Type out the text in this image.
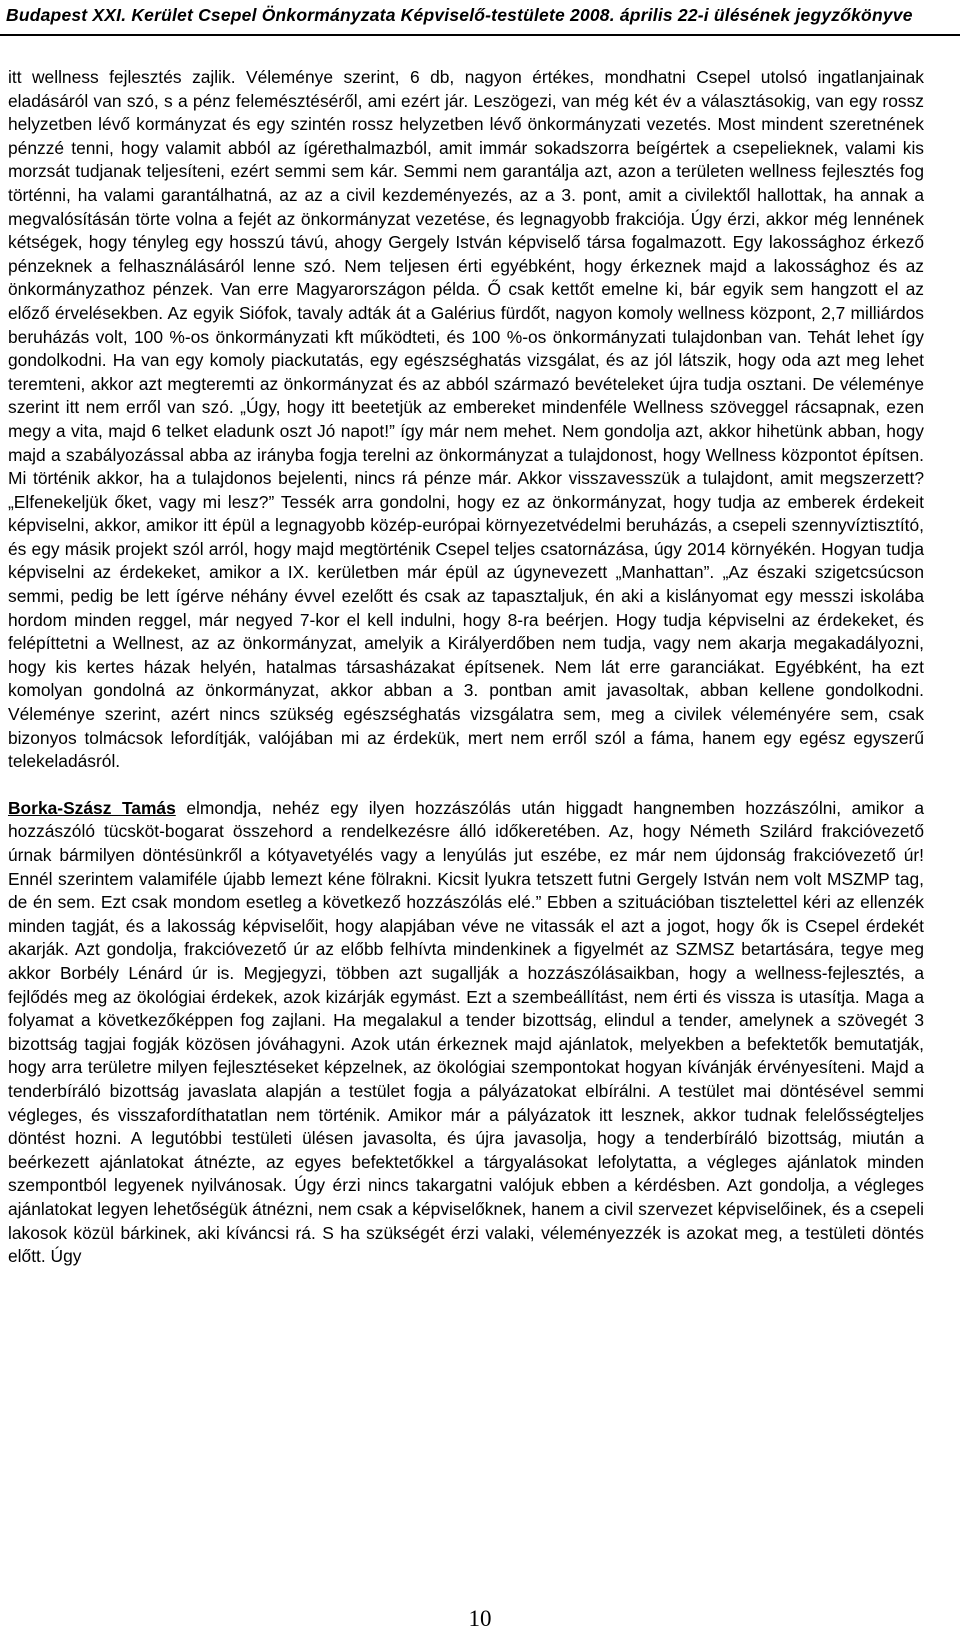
Budapest XXI. Kerület Csepel Önkormányzata Képviselő-testülete 2008. április 22-i ülésének jegyzőkönyve

itt wellness fejlesztés zajlik. Véleménye szerint, 6 db, nagyon értékes, mondhatni Csepel utolsó ingatlanjainak eladásáról van szó, s a pénz felemésztéséről, ami ezért jár. Leszögezi, van még két év a választásokig, van egy rossz helyzetben lévő kormányzat és egy szintén rossz helyzetben lévő önkormányzati vezetés. Most mindent szeretnének pénzzé tenni, hogy valamit abból az ígérethalmazból, amit immár sokadszorra beígértek a csepelieknek, valami kis morzsát tudjanak teljesíteni, ezért semmi sem kár. Semmi nem garantálja azt, azon a területen wellness fejlesztés fog történni, ha valami garantálhatná, az az a civil kezdeményezés, az a 3. pont, amit a civilektől hallottak, ha annak a megvalósításán törte volna a fejét az önkormányzat vezetése, és legnagyobb frakciója. Úgy érzi, akkor még lennének kétségek, hogy tényleg egy hosszú távú, ahogy Gergely István képviselő társa fogalmazott. Egy lakossághoz érkező pénzeknek a felhasználásáról lenne szó. Nem teljesen érti egyébként, hogy érkeznek majd a lakossághoz és az önkormányzathoz pénzek. Van erre Magyarországon példa. Ő csak kettőt emelne ki, bár egyik sem hangzott el az előző érvelésekben. Az egyik Siófok, tavaly adták át a Galérius fürdőt, nagyon komoly wellness központ, 2,7 milliárdos beruházás volt, 100 %-os önkormányzati kft működteti, és 100 %-os önkormányzati tulajdonban van. Tehát lehet így gondolkodni. Ha van egy komoly piackutatás, egy egészséghatás vizsgálat, és az jól látszik, hogy oda azt meg lehet teremteni, akkor azt megteremti az önkormányzat és az abból származó bevételeket újra tudja osztani. De véleménye szerint itt nem erről van szó. „Úgy, hogy itt beetetjük az embereket mindenféle Wellness szöveggel rácsapnak, ezen megy a vita, majd 6 telket eladunk oszt Jó napot!” így már nem mehet. Nem gondolja azt, akkor hihetünk abban, hogy majd a szabályozással abba az irányba fogja terelni az önkormányzat a tulajdonost, hogy Wellness központot építsen. Mi történik akkor, ha a tulajdonos bejelenti, nincs rá pénze már. Akkor visszavesszük a tulajdont, amit megszerzett? „Elfenekeljük őket, vagy mi lesz?” Tessék arra gondolni, hogy ez az önkormányzat, hogy tudja az emberek érdekeit képviselni, akkor, amikor itt épül a legnagyobb közép-európai környezetvédelmi beruházás, a csepeli szennyvíztisztító, és egy másik projekt szól arról, hogy majd megtörténik Csepel teljes csatornázása, úgy 2014 környékén. Hogyan tudja képviselni az érdekeket, amikor a IX. kerületben már épül az úgynevezett „Manhattan”. „Az északi szigetcsúcson semmi, pedig be lett ígérve néhány évvel ezelőtt és csak az tapasztaljuk, én aki a kislányomat egy messzi iskolába hordom minden reggel, már negyed 7-kor el kell indulni, hogy 8-ra beérjen. Hogy tudja képviselni az érdekeket, és felépíttetni a Wellnest, az az önkormányzat, amelyik a Királyerdőben nem tudja, vagy nem akarja megakadályozni, hogy kis kertes házak helyén, hatalmas társasházakat építsenek. Nem lát erre garanciákat. Egyébként, ha ezt komolyan gondolná az önkormányzat, akkor abban a 3. pontban amit javasoltak, abban kellene gondolkodni. Véleménye szerint, azért nincs szükség egészséghatás vizsgálatra sem, meg a civilek véleményére sem, csak bizonyos tolmácsok lefordítják, valójában mi az érdekük, mert nem erről szól a fáma, hanem egy egész egyszerű telekeladásról.

Borka-Szász Tamás elmondja, nehéz egy ilyen hozzászólás után higgadt hangnemben hozzászólni, amikor a hozzászóló tücsköt-bogarat összehord a rendelkezésre álló időkeretében. Az, hogy Németh Szilárd frakcióvezető úrnak bármilyen döntésünkről a kótyavetyélés vagy a lenyúlás jut eszébe, ez már nem újdonság frakcióvezető úr! Ennél szerintem valamiféle újabb lemezt kéne fölrakni. Kicsit lyukra tetszett futni Gergely István nem volt MSZMP tag, de én sem. Ezt csak mondom esetleg a következő hozzászólás elé.” Ebben a szituációban tisztelettel kéri az ellenzék minden tagját, és a lakosság képviselőit, hogy alapjában véve ne vitassák el azt a jogot, hogy ők is Csepel érdekét akarják. Azt gondolja, frakcióvezető úr az előbb felhívta mindenkinek a figyelmét az SZMSZ betartására, tegye meg akkor Borbély Lénárd úr is. Megjegyzi, többen azt sugallják a hozzászólásaikban, hogy a wellness-fejlesztés, a fejlődés meg az ökológiai érdekek, azok kizárják egymást. Ezt a szembeállítást, nem érti és vissza is utasítja. Maga a folyamat a következőképpen fog zajlani. Ha megalakul a tender bizottság, elindul a tender, amelynek a szövegét 3 bizottság tagjai fogják közösen jóváhagyni. Azok után érkeznek majd ajánlatok, melyekben a befektetők bemutatják, hogy arra területre milyen fejlesztéseket képzelnek, az ökológiai szempontokat hogyan kívánják érvényesíteni. Majd a tenderbíráló bizottság javaslata alapján a testület fogja a pályázatokat elbírálni. A testület mai döntésével semmi végleges, és visszafordíthatatlan nem történik. Amikor már a pályázatok itt lesznek, akkor tudnak felelősségteljes döntést hozni. A legutóbbi testületi ülésen javasolta, és újra javasolja, hogy a tenderbíráló bizottság, miután a beérkezett ajánlatokat átnézte, az egyes befektetőkkel a tárgyalásokat lefolytatta, a végleges ajánlatok minden szempontból legyenek nyilvánosak. Úgy érzi nincs takargatni valójuk ebben a kérdésben. Azt gondolja, a végleges ajánlatokat legyen lehetőségük átnézni, nem csak a képviselőknek, hanem a civil szervezet képviselőinek, és a csepeli lakosok közül bárkinek, aki kíváncsi rá. S ha szükségét érzi valaki, véleményezzék is azokat meg, a testületi döntés előtt. Úgy

10
